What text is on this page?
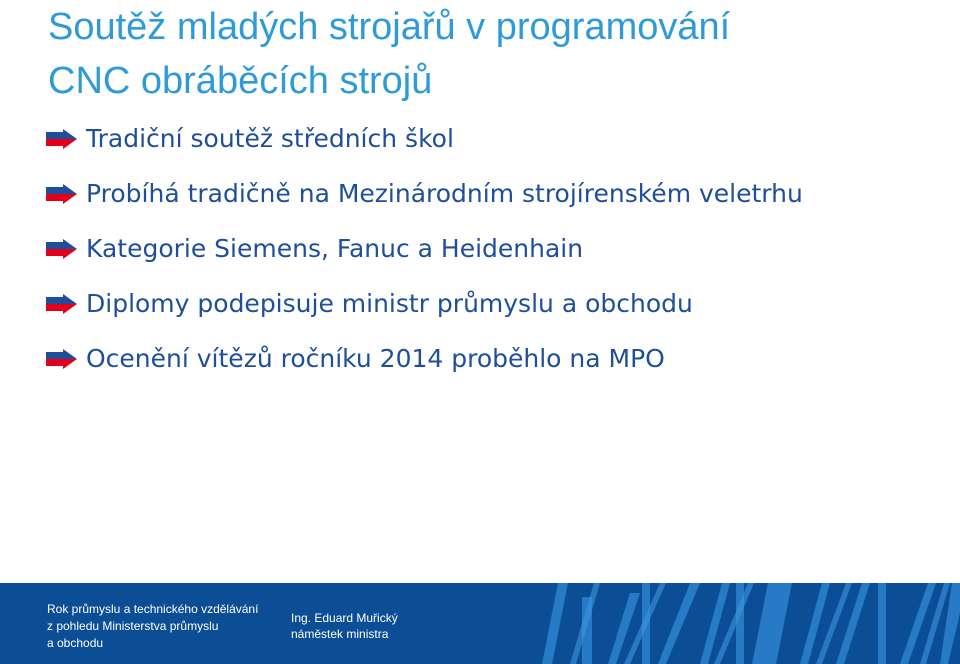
Soutěž mladých strojařů v programování
CNC obráběcích strojů
Tradiční soutěž středních škol
Probíhá tradičně na Mezinárodním strojírenském veletrhu
Kategorie Siemens, Fanuc a Heidenhain
Diplomy podepisuje ministr průmyslu a obchodu
Ocenění vítězů ročníku 2014 proběhlo na MPO
Rok průmyslu a technického vzdělávání
z pohledu Ministerstva průmyslu
a obchodu
Ing. Eduard Muřický
náměstek ministra
